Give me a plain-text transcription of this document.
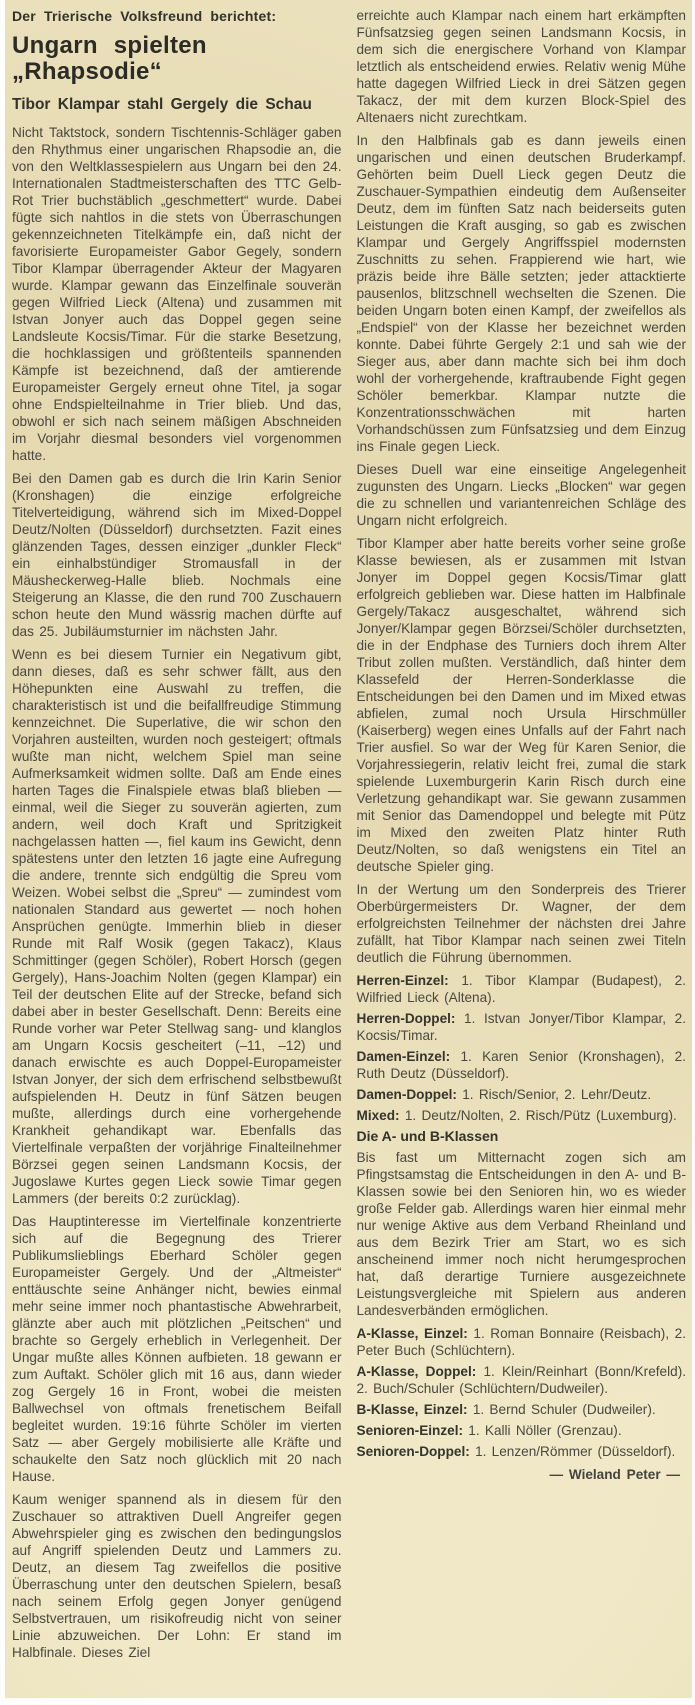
Der Trierische Volksfreund berichtet:
Ungarn spielten „Rhapsodie“
Tibor Klampar stahl Gergely die Schau

Nicht Taktstock, sondern Tischtennis-Schläger gaben den Rhythmus einer ungarischen Rhapsodie an, die von den Weltklassespielern aus Ungarn bei den 24. Internationalen Stadtmeisterschaften des TTC Gelb-Rot Trier buchstäblich „geschmettert“ wurde. Dabei fügte sich nahtlos in die stets von Überraschungen gekennzeichneten Titelkämpfe ein, daß nicht der favorisierte Europameister Gabor Gegely, sondern Tibor Klampar überragender Akteur der Magyaren wurde. Klampar gewann das Einzelfinale souverän gegen Wilfried Lieck (Altena) und zusammen mit Istvan Jonyer auch das Doppel gegen seine Landsleute Kocsis/Timar. Für die starke Besetzung, die hochklassigen und größtenteils spannenden Kämpfe ist bezeichnend, daß der amtierende Europameister Gergely erneut ohne Titel, ja sogar ohne Endspielteilnahme in Trier blieb. Und das, obwohl er sich nach seinem mäßigen Abschneiden im Vorjahr diesmal besonders viel vorgenommen hatte.

Bei den Damen gab es durch die Irin Karin Senior (Kronshagen) die einzige erfolgreiche Titelverteidigung, während sich im Mixed-Doppel Deutz/Nolten (Düsseldorf) durchsetzten. Fazit eines glänzenden Tages, dessen einziger „dunkler Fleck“ ein einhalbstündiger Stromausfall in der Mäusheckerweg-Halle blieb. Nochmals eine Steigerung an Klasse, die den rund 700 Zuschauern schon heute den Mund wässrig machen dürfte auf das 25. Jubiläumsturnier im nächsten Jahr.

Wenn es bei diesem Turnier ein Negativum gibt, dann dieses, daß es sehr schwer fällt, aus den Höhepunkten eine Auswahl zu treffen, die charakteristisch ist und die beifallfreudige Stimmung kennzeichnet. Die Superlative, die wir schon den Vorjahren austeilten, wurden noch gesteigert; oftmals wußte man nicht, welchem Spiel man seine Aufmerksamkeit widmen sollte. Daß am Ende eines harten Tages die Finalspiele etwas blaß blieben — einmal, weil die Sieger zu souverän agierten, zum andern, weil doch Kraft und Spritzigkeit nachgelassen hatten —, fiel kaum ins Gewicht, denn spätestens unter den letzten 16 jagte eine Aufregung die andere, trennte sich endgültig die Spreu vom Weizen. Wobei selbst die „Spreu“ — zumindest vom nationalen Standard aus gewertet — noch hohen Ansprüchen genügte. Immerhin blieb in dieser Runde mit Ralf Wosik (gegen Takacz), Klaus Schmittinger (gegen Schöler), Robert Horsch (gegen Gergely), Hans-Joachim Nolten (gegen Klampar) ein Teil der deutschen Elite auf der Strecke, befand sich dabei aber in bester Gesellschaft. Denn: Bereits eine Runde vorher war Peter Stellwag sang- und klanglos am Ungarn Kocsis gescheitert (–11, –12) und danach erwischte es auch Doppel-Europameister Istvan Jonyer, der sich dem erfrischend selbstbewußt aufspielenden H. Deutz in fünf Sätzen beugen mußte, allerdings durch eine vorhergehende Krankheit gehandikapt war. Ebenfalls das Viertelfinale verpaßten der vorjährige Finalteilnehmer Börzsei gegen seinen Landsmann Kocsis, der Jugoslawe Kurtes gegen Lieck sowie Timar gegen Lammers (der bereits 0:2 zurücklag).

Das Hauptinteresse im Viertelfinale konzentrierte sich auf die Begegnung des Trierer Publikumslieblings Eberhard Schöler gegen Europameister Gergely. Und der „Altmeister“ enttäuschte seine Anhänger nicht, bewies einmal mehr seine immer noch phantastische Abwehrarbeit, glänzte aber auch mit plötzlichen „Peitschen“ und brachte so Gergely erheblich in Verlegenheit. Der Ungar mußte alles Können aufbieten. 18 gewann er zum Auftakt. Schöler glich mit 16 aus, dann wieder zog Gergely 16 in Front, wobei die meisten Ballwechsel von oftmals frenetischem Beifall begleitet wurden. 19:16 führte Schöler im vierten Satz — aber Gergely mobilisierte alle Kräfte und schaukelte den Satz noch glücklich mit 20 nach Hause.

Kaum weniger spannend als in diesem für den Zuschauer so attraktiven Duell Angreifer gegen Abwehrspieler ging es zwischen den bedingungslos auf Angriff spielenden Deutz und Lammers zu. Deutz, an diesem Tag zweifellos die positive Überraschung unter den deutschen Spielern, besaß nach seinem Erfolg gegen Jonyer genügend Selbstvertrauen, um risikofreudig nicht von seiner Linie abzuweichen. Der Lohn: Er stand im Halbfinale. Dieses Ziel

erreichte auch Klampar nach einem hart erkämpften Fünfsatzsieg gegen seinen Landsmann Kocsis, in dem sich die energischere Vorhand von Klampar letztlich als entscheidend erwies. Relativ wenig Mühe hatte dagegen Wilfried Lieck in drei Sätzen gegen Takacz, der mit dem kurzen Block-Spiel des Altenaers nicht zurechtkam.

In den Halbfinals gab es dann jeweils einen ungarischen und einen deutschen Bruderkampf. Gehörten beim Duell Lieck gegen Deutz die Zuschauer-Sympathien eindeutig dem Außenseiter Deutz, dem im fünften Satz nach beiderseits guten Leistungen die Kraft ausging, so gab es zwischen Klampar und Gergely Angriffsspiel modernsten Zuschnitts zu sehen. Frappierend wie hart, wie präzis beide ihre Bälle setzten; jeder attacktierte pausenlos, blitzschnell wechselten die Szenen. Die beiden Ungarn boten einen Kampf, der zweifellos als „Endspiel“ von der Klasse her bezeichnet werden konnte. Dabei führte Gergely 2:1 und sah wie der Sieger aus, aber dann machte sich bei ihm doch wohl der vorhergehende, kraftraubende Fight gegen Schöler bemerkbar. Klampar nutzte die Konzentrationsschwächen mit harten Vorhandschüssen zum Fünfsatzsieg und dem Einzug ins Finale gegen Lieck.

Dieses Duell war eine einseitige Angelegenheit zugunsten des Ungarn. Liecks „Blocken“ war gegen die zu schnellen und variantenreichen Schläge des Ungarn nicht erfolgreich.

Tibor Klamper aber hatte bereits vorher seine große Klasse bewiesen, als er zusammen mit Istvan Jonyer im Doppel gegen Kocsis/Timar glatt erfolgreich geblieben war. Diese hatten im Halbfinale Gergely/Takacz ausgeschaltet, während sich Jonyer/Klampar gegen Börzsei/Schöler durchsetzten, die in der Endphase des Turniers doch ihrem Alter Tribut zollen mußten. Verständlich, daß hinter dem Klassefeld der Herren-Sonderklasse die Entscheidungen bei den Damen und im Mixed etwas abfielen, zumal noch Ursula Hirschmüller (Kaiserberg) wegen eines Unfalls auf der Fahrt nach Trier ausfiel. So war der Weg für Karen Senior, die Vorjahressiegerin, relativ leicht frei, zumal die stark spielende Luxemburgerin Karin Risch durch eine Verletzung gehandikapt war. Sie gewann zusammen mit Senior das Damendoppel und belegte mit Pütz im Mixed den zweiten Platz hinter Ruth Deutz/Nolten, so daß wenigstens ein Titel an deutsche Spieler ging.

In der Wertung um den Sonderpreis des Trierer Oberbürgermeisters Dr. Wagner, der dem erfolgreichsten Teilnehmer der nächsten drei Jahre zufällt, hat Tibor Klampar nach seinen zwei Titeln deutlich die Führung übernommen.

Herren-Einzel: 1. Tibor Klampar (Budapest), 2. Wilfried Lieck (Altena).

Herren-Doppel: 1. Istvan Jonyer/Tibor Klampar, 2. Kocsis/Timar.

Damen-Einzel: 1. Karen Senior (Kronshagen), 2. Ruth Deutz (Düsseldorf).

Damen-Doppel: 1. Risch/Senior, 2. Lehr/Deutz.

Mixed: 1. Deutz/Nolten, 2. Risch/Pütz (Luxemburg).

Die A- und B-Klassen

Bis fast um Mitternacht zogen sich am Pfingstsamstag die Entscheidungen in den A- und B-Klassen sowie bei den Senioren hin, wo es wieder große Felder gab. Allerdings waren hier einmal mehr nur wenige Aktive aus dem Verband Rheinland und aus dem Bezirk Trier am Start, wo es sich anscheinend immer noch nicht herumgesprochen hat, daß derartige Turniere ausgezeichnete Leistungsvergleiche mit Spielern aus anderen Landesverbänden ermöglichen.

A-Klasse, Einzel: 1. Roman Bonnaire (Reisbach), 2. Peter Buch (Schlüchtern).

A-Klasse, Doppel: 1. Klein/Reinhart (Bonn/Krefeld). 2. Buch/Schuler (Schlüchtern/Dudweiler).

B-Klasse, Einzel: 1. Bernd Schuler (Dudweiler).

Senioren-Einzel: 1. Kalli Nöller (Grenzau).

Senioren-Doppel: 1. Lenzen/Römmer (Düsseldorf).

— Wieland Peter —
